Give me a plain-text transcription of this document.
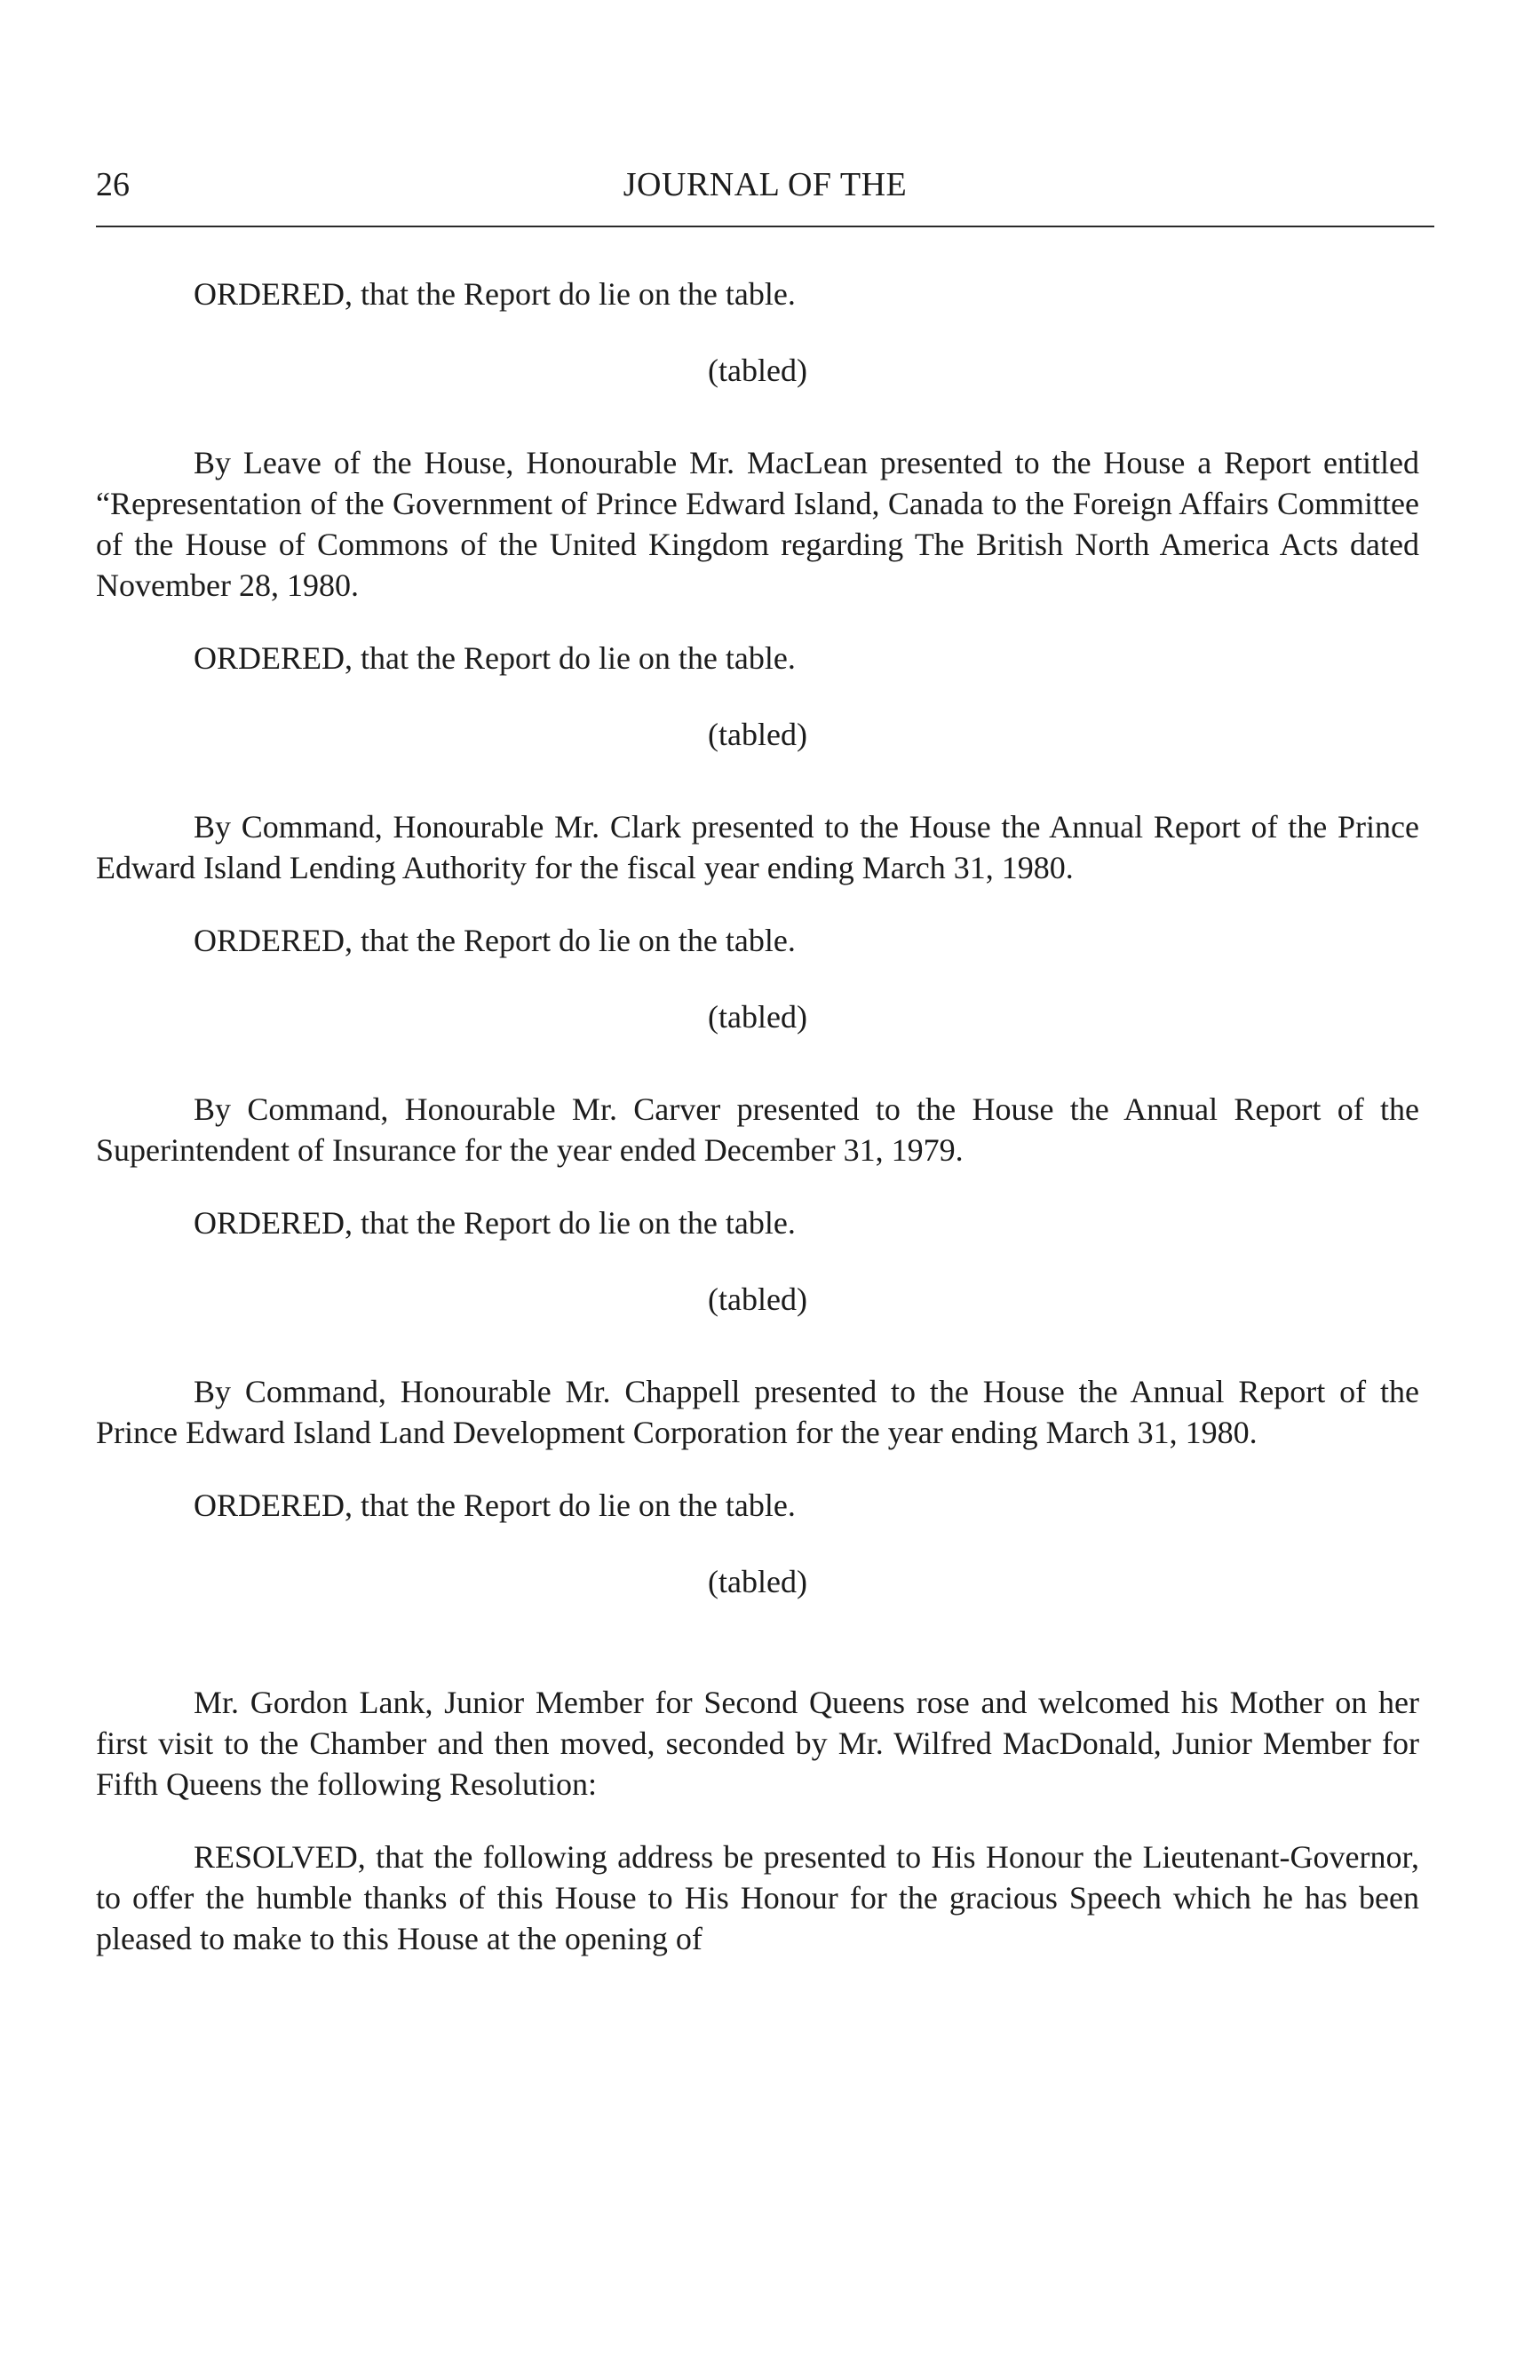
26	JOURNAL OF THE

ORDERED, that the Report do lie on the table.

(tabled)

By Leave of the House, Honourable Mr. MacLean presented to the House a Report entitled “Representation of the Government of Prince Edward Island, Canada to the Foreign Affairs Committee of the House of Commons of the United Kingdom regarding The British North America Acts dated November 28, 1980.

ORDERED, that the Report do lie on the table.

(tabled)

By Command, Honourable Mr. Clark presented to the House the Annual Report of the Prince Edward Island Lending Authority for the fiscal year ending March 31, 1980.

ORDERED, that the Report do lie on the table.

(tabled)

By Command, Honourable Mr. Carver presented to the House the Annual Report of the Superintendent of Insurance for the year ended December 31, 1979.

ORDERED, that the Report do lie on the table.

(tabled)

By Command, Honourable Mr. Chappell presented to the House the Annual Report of the Prince Edward Island Land Development Corporation for the year ending March 31, 1980.

ORDERED, that the Report do lie on the table.

(tabled)

Mr. Gordon Lank, Junior Member for Second Queens rose and welcomed his Mother on her first visit to the Chamber and then moved, seconded by Mr. Wilfred MacDonald, Junior Member for Fifth Queens the following Resolution:

RESOLVED, that the following address be presented to His Honour the Lieutenant-Governor, to offer the humble thanks of this House to His Honour for the gracious Speech which he has been pleased to make to this House at the opening of
